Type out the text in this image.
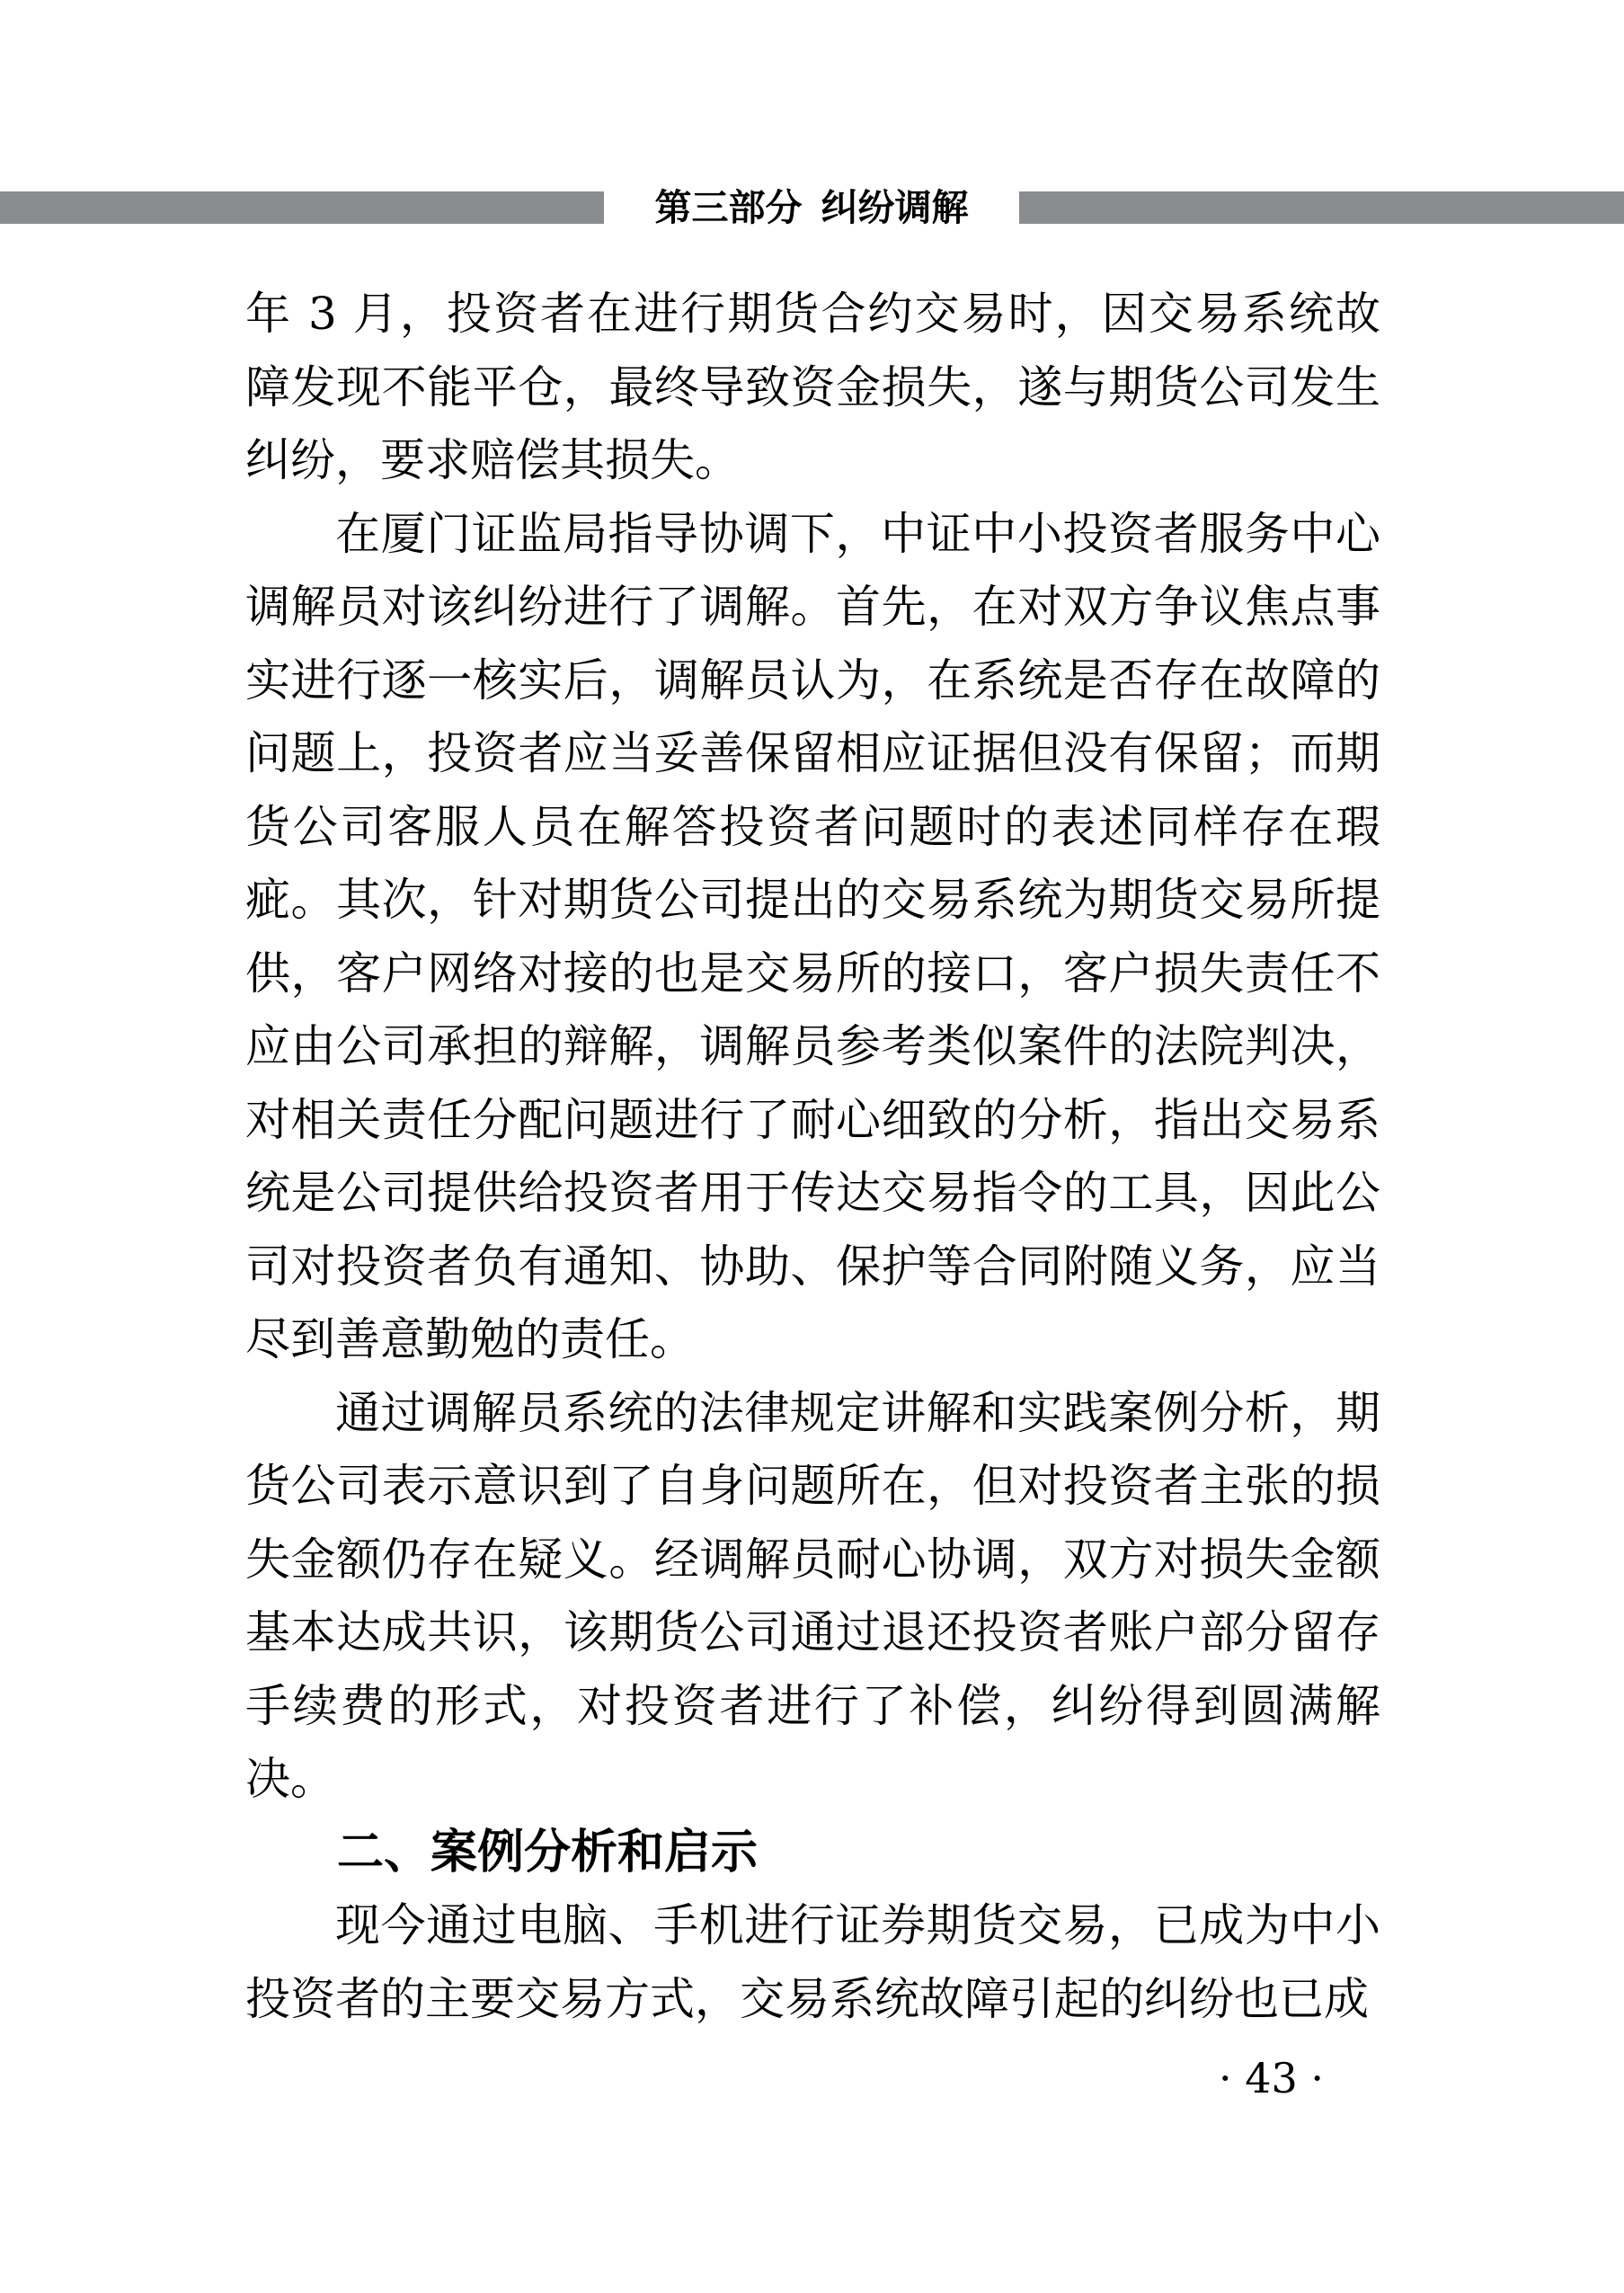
第三部分 纠纷调解

年 3 月，投资者在进行期货合约交易时，因交易系统故障发现不能平仓，最终导致资金损失，遂与期货公司发生纠纷，要求赔偿其损失。

在厦门证监局指导协调下，中证中小投资者服务中心调解员对该纠纷进行了调解。首先，在对双方争议焦点事实进行逐一核实后，调解员认为，在系统是否存在故障的问题上，投资者应当妥善保留相应证据但没有保留；而期货公司客服人员在解答投资者问题时的表述同样存在瑕疵。其次，针对期货公司提出的交易系统为期货交易所提供，客户网络对接的也是交易所的接口，客户损失责任不应由公司承担的辩解，调解员参考类似案件的法院判决，对相关责任分配问题进行了耐心细致的分析，指出交易系统是公司提供给投资者用于传达交易指令的工具，因此公司对投资者负有通知、协助、保护等合同附随义务，应当尽到善意勤勉的责任。

通过调解员系统的法律规定讲解和实践案例分析，期货公司表示意识到了自身问题所在，但对投资者主张的损失金额仍存在疑义。经调解员耐心协调，双方对损失金额基本达成共识，该期货公司通过退还投资者账户部分留存手续费的形式，对投资者进行了补偿，纠纷得到圆满解决。

二、案例分析和启示

现今通过电脑、手机进行证券期货交易，已成为中小投资者的主要交易方式，交易系统故障引起的纠纷也已成

· 43 ·
